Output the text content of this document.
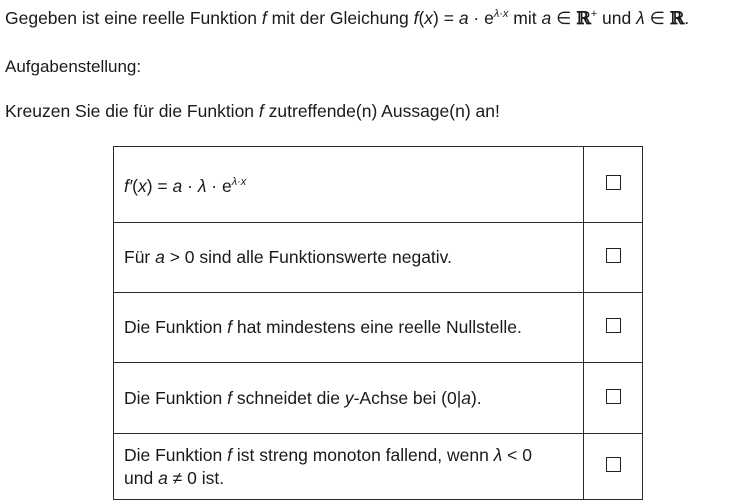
Gegeben ist eine reelle Funktion f mit der Gleichung $f(x) = a \cdot e^{\lambda\cdot x}$ mit a ∈ ℝ+ und λ ∈ ℝ.
Aufgabenstellung:
Kreuzen Sie die für die Funktion f zutreffende(n) Aussage(n) an!
$f'(x) = a \cdot \lambda \cdot e^{\lambda\cdot x}$	
Für a > 0 sind alle Funktionswerte negativ.	
Die Funktion f hat mindestens eine reelle Nullstelle.	
Die Funktion f schneidet die y-Achse bei (0|a).	
Die Funktion f ist streng monoton fallend, wenn λ < 0
und a ≠ 0 ist.	
